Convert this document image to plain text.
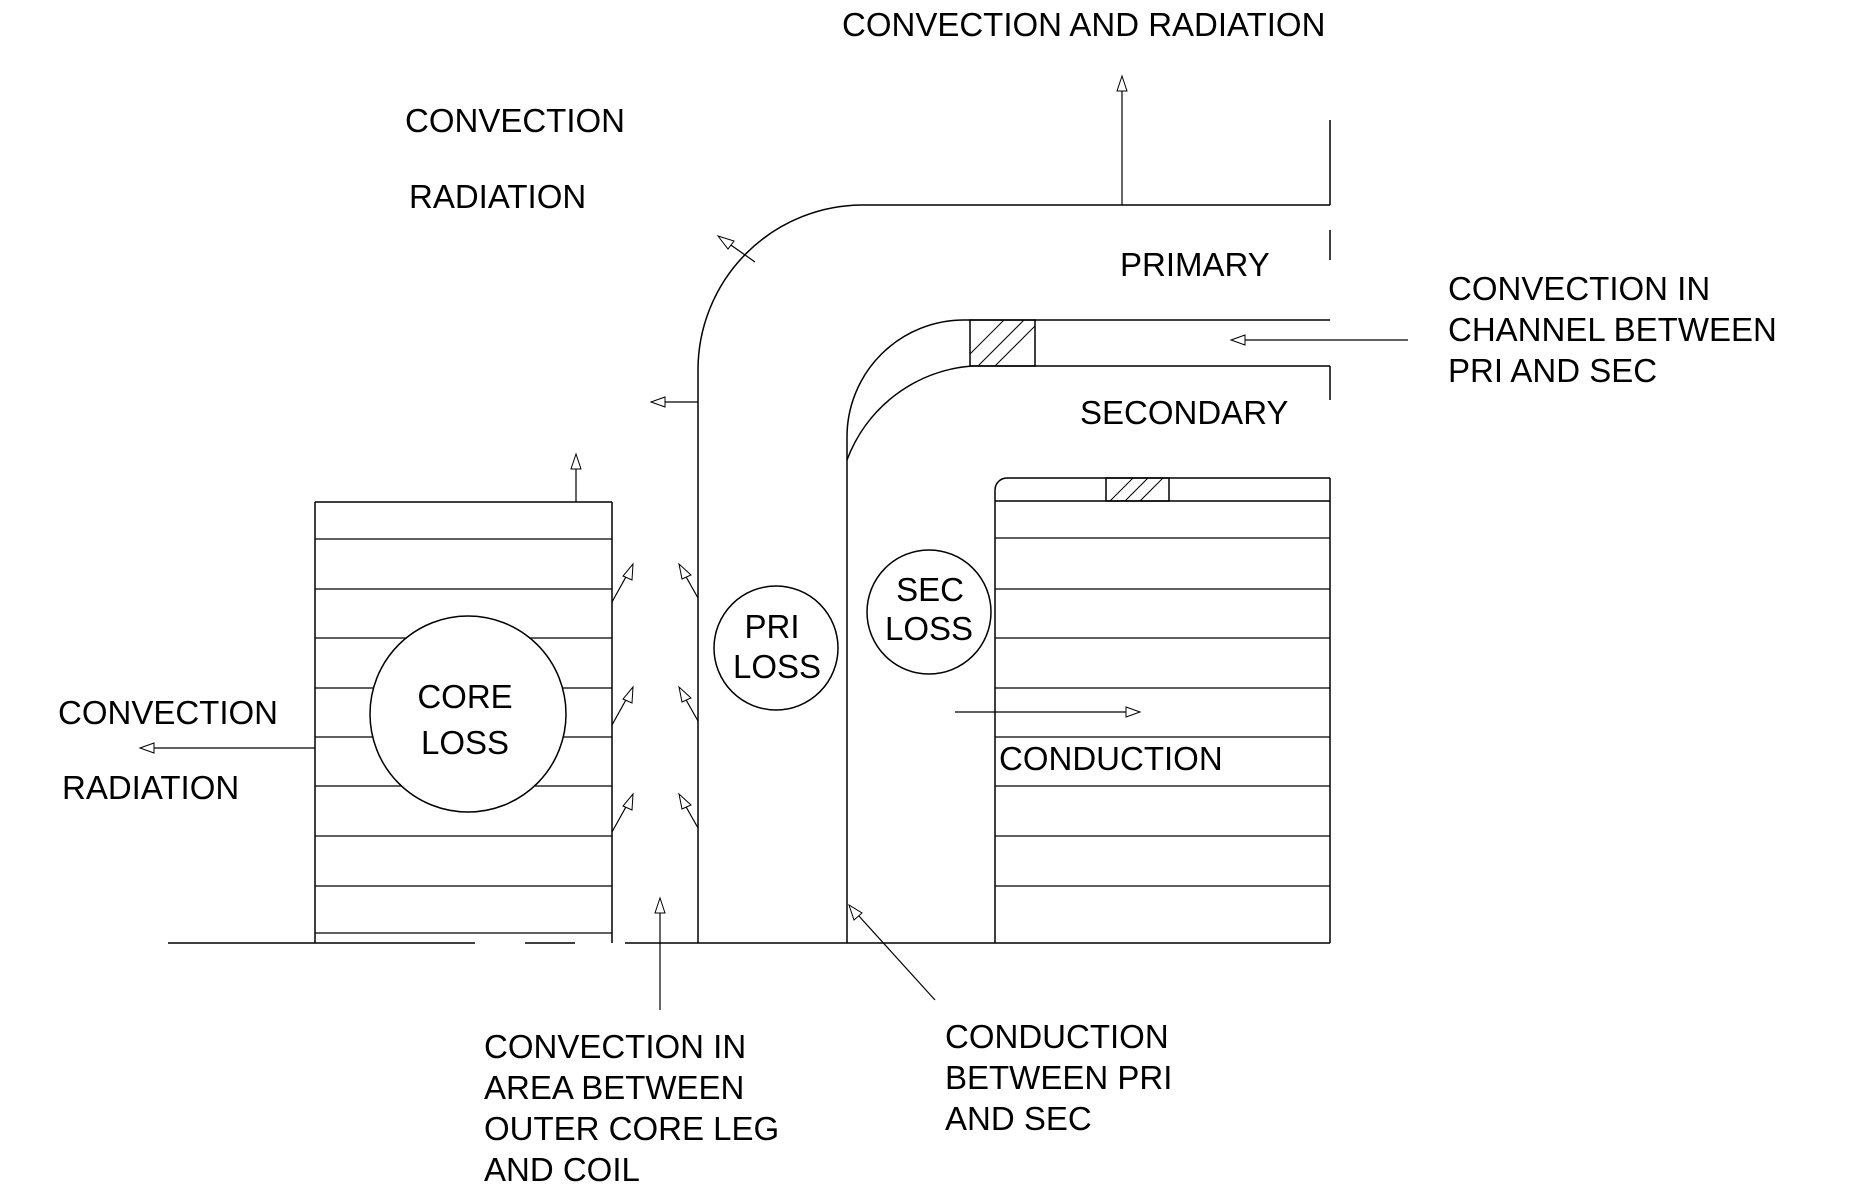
CORE
LOSS
PRI
LOSS
SEC
LOSS
CONVECTION AND RADIATION
CONVECTION
RADIATION
PRIMARY
SECONDARY
CONVECTION IN
CHANNEL BETWEEN
PRI AND SEC
CONVECTION
RADIATION
CONDUCTION
CONVECTION IN
AREA BETWEEN
OUTER CORE LEG
AND COIL
CONDUCTION
BETWEEN PRI
AND SEC
